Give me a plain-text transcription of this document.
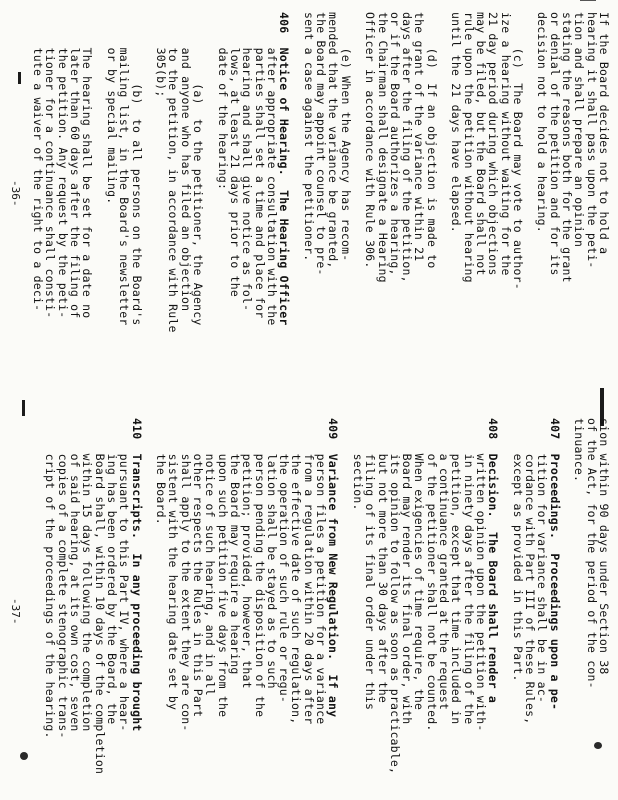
If the Board decides not to hold a
hearing it shall pass upon the peti-
tion and shall prepare an opinion
stating the reasons both for the grant
or denial of the petition and for its
decision not to hold a hearing.
(c)  The Board may vote to author-
ize a hearing without waiting for the
21 day period during which objections
may be filed, but the Board shall not
rule upon the petition without hearing
until the 21 days have elapsed.
(d)  If an objection is made to
the grant of the variance within 21
days after the filing of the petition,
or if the Board authorizes a hearing,
the Chairman shall designate a Hearing
Officer in accordance with Rule 306.
(e) When the Agency has recom-
mended that the variance be granted,
the Board may appoint counsel to pre-
sent a case against the petitioner.
406  Notice of Hearing.  The Hearing Officer
after appropriate consultation with the
parties shall set a time and place for
hearing and shall give notice as fol-
lows, at least 21 days prior to the
date of the hearing:
(a)  to the petitioner, the Agency
and anyone who has filed an objection
to the petition, in accordance with Rule
305(b);
(b)  to all persons on the Board's
mailing list, in the Board's newsletter
or by special mailing.
The hearing shall be set for a date no
later than 60 days after the filing of
the petition. Any request by the peti-
tioner for a continuance shall consti-
tute a waiver of the right to a deci-
-36-
sion within 90 days under Section 38
of the Act, for the period of the con-
tinuance.
407  Proceedings.  Proceedings upon a pe-
tition for variance shall be in ac-
cordance with Part III of these Rules,
except as provided in this Part.
408  Decision.  The Board shall render a
written opinion upon the petition with-
in ninety days after the filing of the
petition, except that time included in
a continuance granted at the request
of the petitioner shall not be counted.
When exigencies of time require, the
Board may render its final order, with
its opinion to follow as soon as practicable,
but not more than 30 days after the
filing of its final order under this
section.
409  Variance from New Regulation.  If any
person files a petition for a variance
from a regulation within 20 days after
the effective date of such regulation,
the operation of such rule or regu-
lation shall be stayed as to such
person pending the disposition of the
petition; provided, however, that
the Board may require a hearing
upon such petition five days from the
notice of such hearing, and in all
other respects the Rules in this Part
shall apply to the extent they are con-
sistent with the hearing date set by
the Board.
410  Transcripts.  In any proceeding brought
pursuant to this Part IV, where a hear-
ing has been ordered by the Board, the
Board shall, within 10 days of the completion
within 15 days following the completion
of said hearing, at its own cost, seven
copies of a complete stenographic trans-
cript of the proceedings of the hearing.
-37-
